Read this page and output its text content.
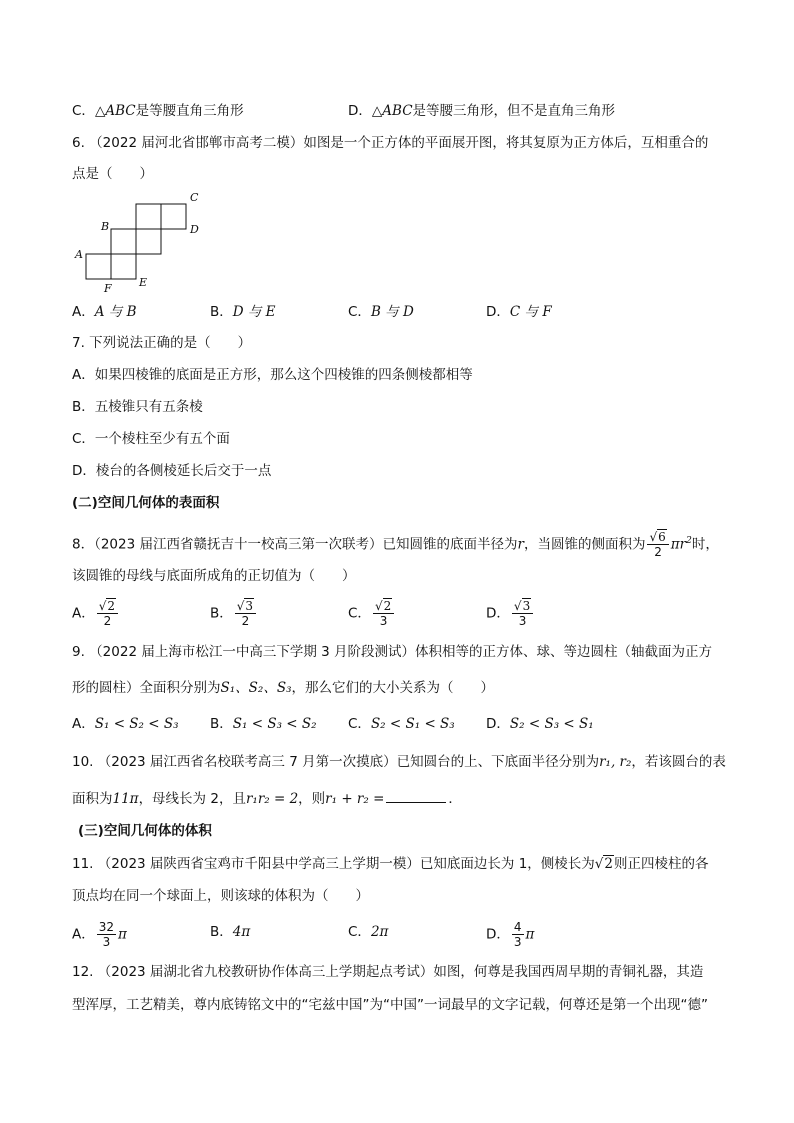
C．△ABC是等腰直角三角形	D．△ABC是等腰三角形，但不是直角三角形
6. （2022 届河北省邯郸市高考二模）如图是一个正方体的平面展开图，将其复原为正方体后，互相重合的
点是（　　）
C
D
B
A
E
F
A．A 与 B	B．D 与 E	C．B 与 D	D．C 与 F
7. 下列说法正确的是（　　）
A．如果四棱锥的底面是正方形，那么这个四棱锥的四条侧棱都相等
B．五棱锥只有五条棱
C．一个棱柱至少有五个面
D．棱台的各侧棱延长后交于一点
(二)空间几何体的表面积
8．（2023 届江西省赣抚吉十一校高三第一次联考）已知圆锥的底面半径为r，当圆锥的侧面积为 $\frac{√6}{2} \pi r^2$时，
该圆锥的母线与底面所成角的正切值为（　　）
A． $\frac{√2}{2}$	B． $\frac{√3}{2}$	C． $\frac{√2}{3}$	D． $\frac{√3}{3}$
9. （2022 届上海市松江一中高三下学期 3 月阶段测试）体积相等的正方体、球、等边圆柱（轴截面为正方
形的圆柱）全面积分别为S₁、S₂、S₃，那么它们的大小关系为（　　）
A．S₁ < S₂ < S₃ B．S₁ < S₃ < S₂ C．S₂ < S₁ < S₃ D．S₂ < S₃ < S₁
10. （2023 届江西省名校联考高三 7 月第一次摸底）已知圆台的上、下底面半径分别为r₁, r₂，若该圆台的表
面积为11π，母线长为 2，且r₁r₂ = 2，则r₁ + r₂ =	．
(三)空间几何体的体积
11. （2023 届陕西省宝鸡市千阳县中学高三上学期一模）已知底面边长为 1，侧棱长为√2则正四棱柱的各
顶点均在同一个球面上，则该球的体积为（　　）
A． $\frac{32}{3}$ π	B．4π	C．2π	D． $\frac{4}{3}$ π
12. （2023 届湖北省九校教研协作体高三上学期起点考试）如图，何尊是我国西周早期的青铜礼器，其造
型浑厚，工艺精美，尊内底铸铭文中的“宅兹中国”为“中国”一词最早的文字记载，何尊还是第一个出现“德”
